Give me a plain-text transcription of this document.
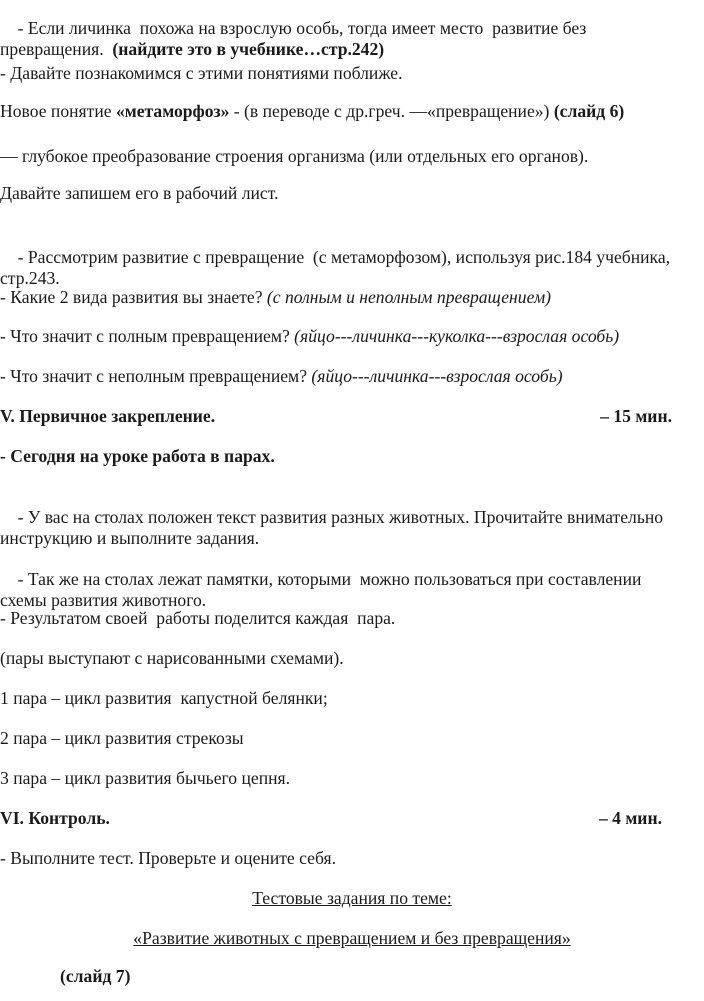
- Если личинка  похожа на взрослую особь, тогда имеет место  развитие без
превращения.  (найдите это в учебнике…стр.242)

- Давайте познакомимся с этими понятиями поближе.

Новое понятие «метаморфоз» - (в переводе с др.греч. —«превращение») (слайд 6)

— глубокое преобразование строения организма (или отдельных его органов).

Давайте запишем его в рабочий лист.

- Рассмотрим развитие с превращение  (с метаморфозом), используя рис.184 учебника,
стр.243.

- Какие 2 вида развития вы знаете? (с полным и неполным превращением)

- Что значит с полным превращением? (яйцо---личинка---куколка---взрослая особь)

- Что значит с неполным превращением? (яйцо---личинка---взрослая особь)

V. Первичное закрепление.	– 15 мин.

- Сегодня на уроке работа в парах.

- У вас на столах положен текст развития разных животных. Прочитайте внимательно
инструкцию и выполните задания.

- Так же на столах лежат памятки, которыми  можно пользоваться при составлении
схемы развития животного.

- Результатом своей  работы поделится каждая  пара.

(пары выступают с нарисованными схемами).

1 пара – цикл развития  капустной белянки;

2 пара – цикл развития стрекозы

3 пара – цикл развития бычьего цепня.

VI. Контроль.	– 4 мин.

- Выполните тест. Проверьте и оцените себя.

Тестовые задания по теме:

«Развитие животных с превращением и без превращения»

(слайд 7)
